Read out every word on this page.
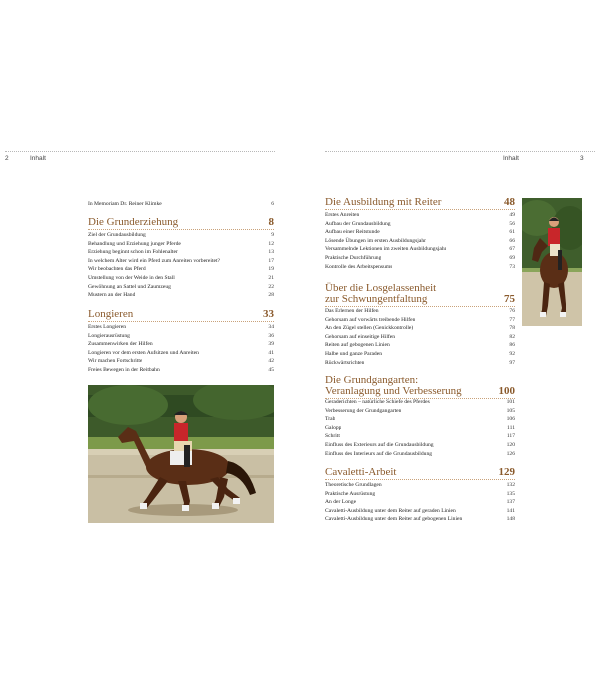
2	Inhalt
In Memoriam Dr. Reiner Klimke	6
Die Grunderziehung	8
Ziel der Grundausbildung	9
Behandlung und Erziehung junger Pferde	12
Erziehung beginnt schon im Fohlenalter	13
In welchem Alter wird ein Pferd zum Anreiten vorbereitet?	17
Wir beobachten das Pferd	19
Umstellung von der Weide in den Stall	21
Gewöhnung an Sattel und Zaumzeug	22
Mustern an der Hand	28
Longieren	33
Erstes Longieren	34
Longierausrüstung	36
Zusammenwirken der Hilfen	39
Longieren vor dem ersten Aufsitzen und Anreiten	41
Wir machen Fortschritte	42
Freies Bewegen in der Reitbahn	45
Inhalt	3
Die Ausbildung mit Reiter	48
Erstes Anreiten	49
Aufbau der Grundausbildung	56
Aufbau einer Reitstunde	61
Lösende Übungen im ersten Ausbildungsjahr	66
Versammelnde Lektionen im zweiten Ausbildungsjahr	67
Praktische Durchführung	69
Kontrolle des Arbeitspensums	73
Über die Losgelassenheit
zur Schwungentfaltung	75
Das Erlernen der Hilfen	76
Gehorsam auf vorwärts treibende Hilfen	77
An den Zügel stellen (Genickkontrolle)	78
Gehorsam auf einseitige Hilfen	82
Reiten auf gebogenen Linien	86
Halbe und ganze Paraden	92
Rückwärtsrichten	97
Die Grundgangarten:
Veranlagung und Verbesserung	100
Geraderichten – natürliche Schiefe des Pferdes	101
Verbesserung der Grundgangarten	105
Trab	106
Galopp	111
Schritt	117
Einfluss des Exterieurs auf die Grundausbildung	120
Einfluss des Interieurs auf die Grundausbildung	126
Cavaletti-Arbeit	129
Theoretische Grundlagen	132
Praktische Ausrüstung	135
An der Longe	137
Cavaletti-Ausbildung unter dem Reiter auf geraden Linien	141
Cavaletti-Ausbildung unter dem Reiter auf gebogenen Linien	148
